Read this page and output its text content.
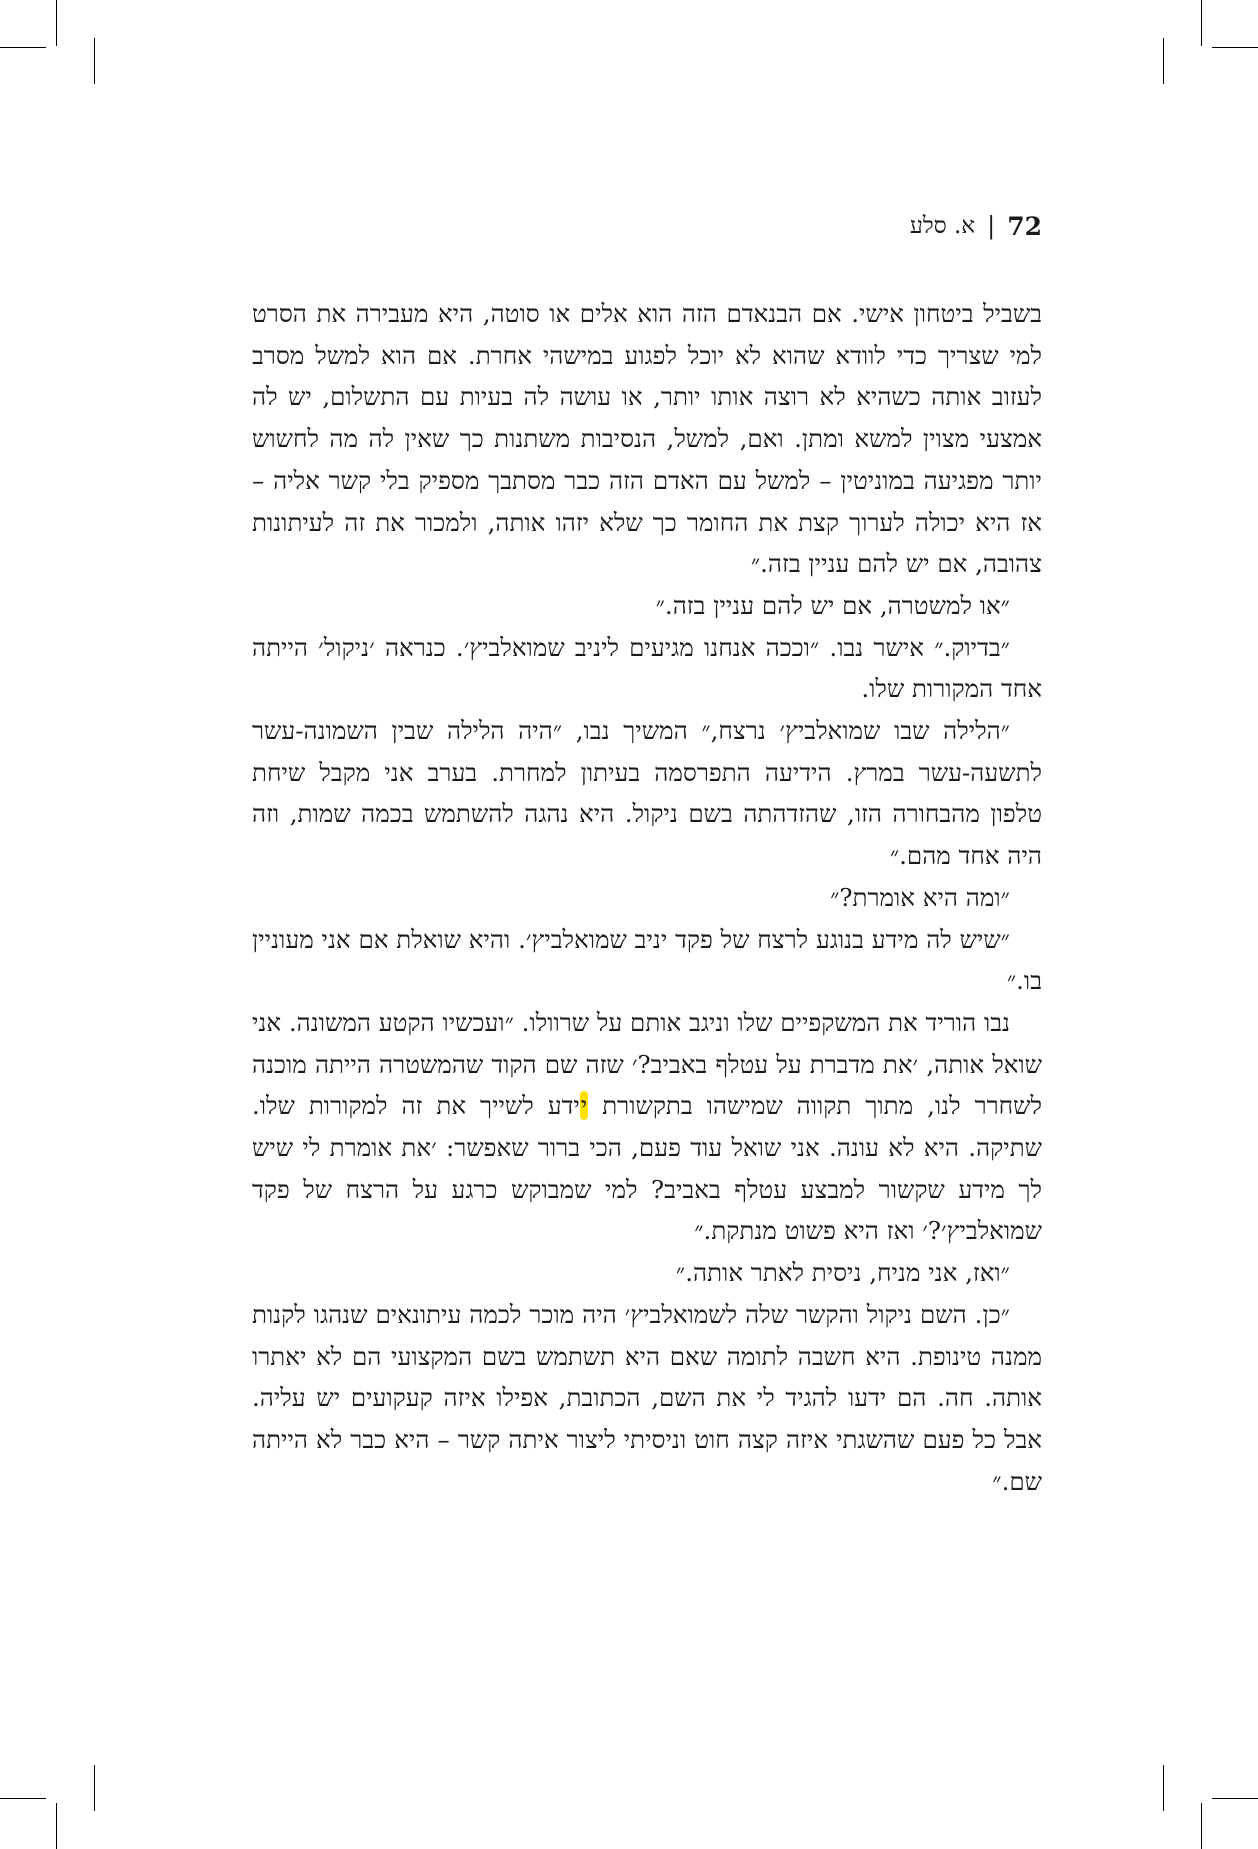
72
|
א. סלע

בשביל ביטחון אישי. אם הבנאדם הזה הוא אלים או סוטה, היא מעבירה את הסרט למי שצריך כדי לוודא שהוא לא יוכל לפגוע במישהי אחרת. אם הוא למשל מסרב לעזוב אותה כשהיא לא רוצה אותו יותר, או עושה לה בעיות עם התשלום, יש לה אמצעי מצוין למשא ומתן. ואם, למשל, הנסיבות משתנות כך שאין לה מה לחשוש יותר מפגיעה במוניטין – למשל עם האדם הזה כבר מסתבך מספיק בלי קשר אליה – אז היא יכולה לערוך קצת את החומר כך שלא יזהו אותה, ולמכור את זה לעיתונות צהובה, אם יש להם עניין בזה.״

״או למשטרה, אם יש להם עניין בזה.״

״בדיוק.״ אישר נבו. ״וככה אנחנו מגיעים ליניב שמואלביץ׳. כנראה ׳ניקול׳ הייתה אחד המקורות שלו.

״הלילה שבו שמואלביץ׳ נרצח,״ המשיך נבו, ״היה הלילה שבין השמונה-עשר לתשעה-עשר במרץ. הידיעה התפרסמה בעיתון למחרת. בערב אני מקבל שיחת טלפון מהבחורה הזו, שהזדהתה בשם ניקול. היא נהגה להשתמש בכמה שמות, וזה היה אחד מהם.״

״ומה היא אומרת?״

״שיש לה מידע בנוגע לרצח של פקד יניב שמואלביץ׳. והיא שואלת אם אני מעוניין בו.״

נבו הוריד את המשקפיים שלו וניגב אותם על שרוולו. ״ועכשיו הקטע המשונה. אני שואל אותה, ׳את מדברת על עטלף באביב?׳ שזה שם הקוד שהמשטרה הייתה מוכנה לשחרר לנו, מתוך תקווה שמישהו בתקשורת יידע לשייך את זה למקורות שלו. שתיקה. היא לא עונה. אני שואל עוד פעם, הכי ברור שאפשר: ׳את אומרת לי שיש לך מידע שקשור למבצע עטלף באביב? למי שמבוקש כרגע על הרצח של פקד שמואלביץ׳?׳ ואז היא פשוט מנתקת.״

״ואז, אני מניח, ניסית לאתר אותה.״

״כן. השם ניקול והקשר שלה לשמואלביץ׳ היה מוכר לכמה עיתונאים שנהגו לקנות ממנה טינופת. היא חשבה לתומה שאם היא תשתמש בשם המקצועי הם לא יאתרו אותה. חה. הם ידעו להגיד לי את השם, הכתובת, אפילו איזה קעקועים יש עליה. אבל כל פעם שהשגתי איזה קצה חוט וניסיתי ליצור איתה קשר – היא כבר לא הייתה שם.״
